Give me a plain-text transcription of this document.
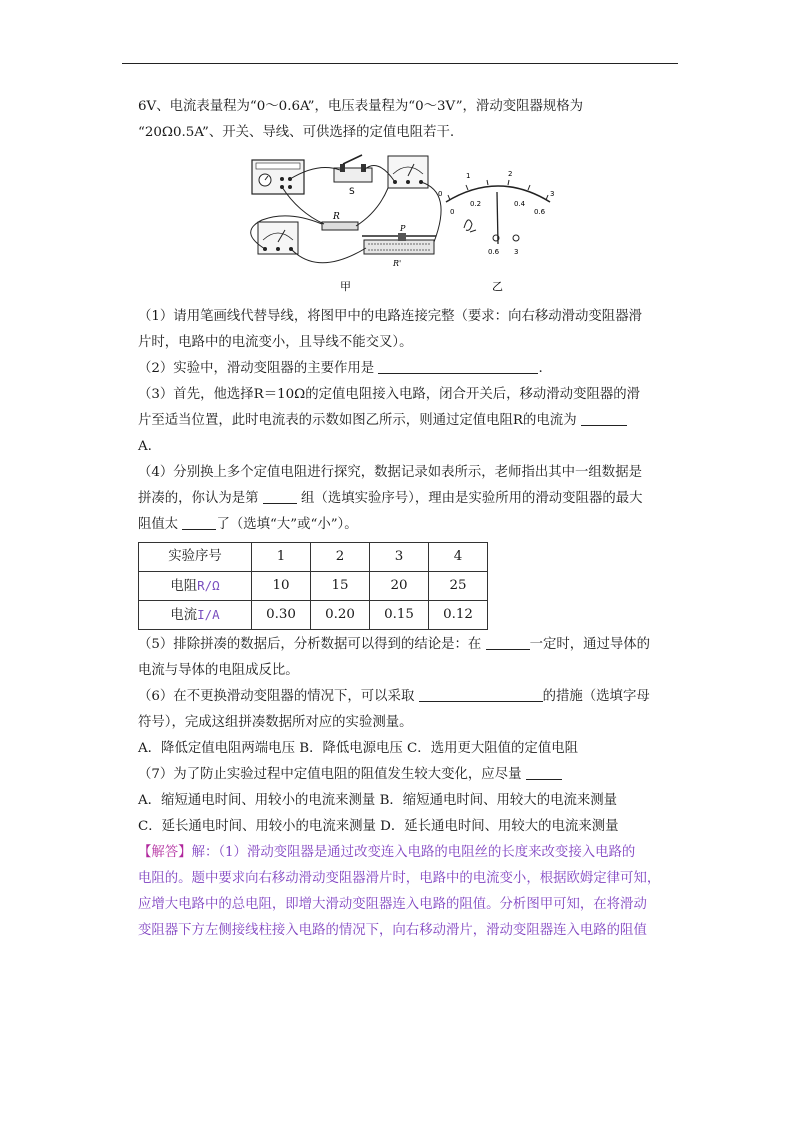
6V、电流表量程为“0～0.6A”，电压表量程为“0～3V”，滑动变阻器规格为

“20Ω0.5A”、开关、导线、可供选择的定值电阻若干.

S
R
P
R'
甲
0
1	2
3
0
0.2	0.4
0.6
0.6 3
乙

（1）请用笔画线代替导线，将图甲中的电路连接完整（要求：向右移动滑动变阻器滑

片时，电路中的电流变小，且导线不能交叉）。

（2）实验中，滑动变阻器的主要作用是	.

（3）首先，他选择R＝10Ω的定值电阻接入电路，闭合开关后，移动滑动变阻器的滑

片至适当位置，此时电流表的示数如图乙所示，则通过定值电阻R的电流为

A.

（4）分别换上多个定值电阻进行探究，数据记录如表所示，老师指出其中一组数据是

拼凑的，你认为是第	组（选填实验序号），理由是实验所用的滑动变阻器的最大

阻值太	了（选填“大”或“小”）。

实验序号	1	2	3	4
电阻R/Ω	10	15	20	25
电流I/A	0.30	0.20	0.15	0.12

（5）排除拼凑的数据后，分析数据可以得到的结论是：在	一定时，通过导体的

电流与导体的电阻成反比。

（6）在不更换滑动变阻器的情况下，可以采取	的措施（选填字母

符号），完成这组拼凑数据所对应的实验测量。

A．降低定值电阻两端电压 B．降低电源电压 C．选用更大阻值的定值电阻

（7）为了防止实验过程中定值电阻的阻值发生较大变化，应尽量

A．缩短通电时间、用较小的电流来测量 B．缩短通电时间、用较大的电流来测量

C．延长通电时间、用较小的电流来测量 D．延长通电时间、用较大的电流来测量

【解答】解：（1）滑动变阻器是通过改变连入电路的电阻丝的长度来改变接入电路的

电阻的。题中要求向右移动滑动变阻器滑片时，电路中的电流变小，根据欧姆定律可知，

应增大电路中的总电阻，即增大滑动变阻器连入电路的阻值。分析图甲可知，在将滑动

变阻器下方左侧接线柱接入电路的情况下，向右移动滑片，滑动变阻器连入电路的阻值
